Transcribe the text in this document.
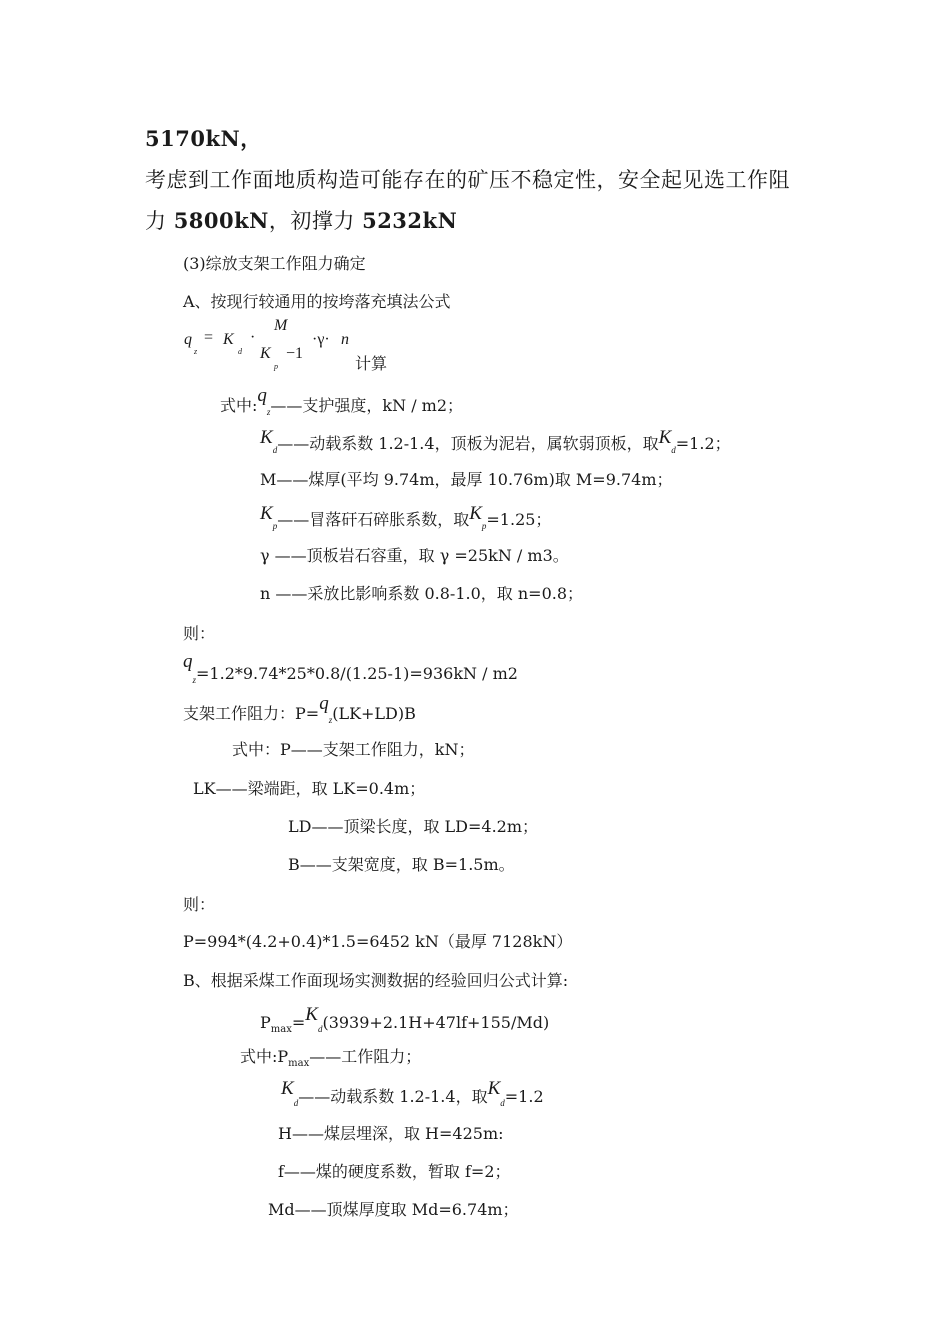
5170kN，
考虑到工作面地质构造可能存在的矿压不稳定性，安全起见选工作阻
力 5800kN，初撑力 5232kN
(3)综放支架工作阻力确定
A、按现行较通用的按垮落充填法公式
q
z
= K
d
·
M
K
p
−1
·γ· n
计算
式中$:q_z——$支护强度，kN / m2；
$K_d——$动载系数 1.2-1.4，顶板为泥岩，属软弱顶板，取$K_d=1.2$；
M——煤厚(平均 9.74m，最厚 10.76m)取 M=9.74m；
$K_p——$冒落矸石碎胀系数，取$K_p=1.25$；
γ ——顶板岩石容重，取 γ =25kN / m3。
n ——采放比影响系数 0.8-1.0，取 n=0.8；
则：
$q_z=1.2*9.74*25*0.8/(1.25-1)=936kN / m2$
支架工作阻力：$P=q_z(LK+LD)B$
式中：P——支架工作阻力，kN；
LK——梁端距，取 LK=0.4m；
LD——顶梁长度，取 LD=4.2m；
B——支架宽度，取 B=1.5m。
则：
P=994*(4.2+0.4)*1.5=6452 kN（最厚 7128kN）
B、根据采煤工作面现场实测数据的经验回归公式计算:
$P_{max}=K_d(3939+2.1H+47lf+155/Md)$
式中$:P_{max}——$工作阻力；
$K_d——$动载系数 1.2-1.4，取$K_d=1.2$
H——煤层埋深，取 H=425m:
f——煤的硬度系数，暂取 f=2；
Md——顶煤厚度取 Md=6.74m；
